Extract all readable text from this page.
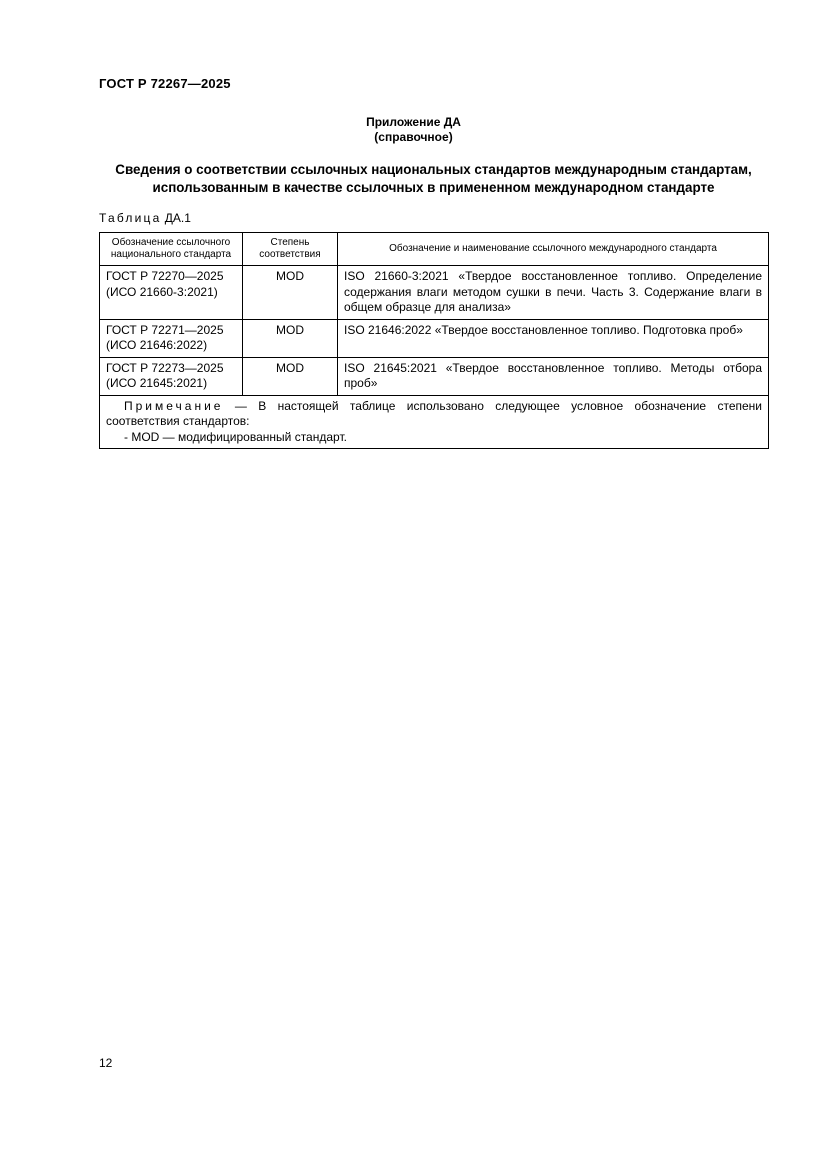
ГОСТ Р 72267—2025
Приложение ДА
(справочное)
Сведения о соответствии ссылочных национальных стандартов международным стандартам,
использованным в качестве ссылочных в примененном международном стандарте
Таблица ДА.1
Обозначение ссылочного национального стандарта	Степень соответствия	Обозначение и наименование ссылочного международного стандарта

ГОСТ Р 72270—2025
(ИСО 21660-3:2021)	MOD	ISO 21660-3:2021 «Твердое восстановленное топливо. Определение содержания влаги методом сушки в печи. Часть 3. Содержание влаги в общем образце для анализа»

ГОСТ Р 72271—2025
(ИСО 21646:2022)	MOD	ISO 21646:2022 «Твердое восстановленное топливо. Подготовка проб»

ГОСТ Р 72273—2025
(ИСО 21645:2021)	MOD	ISO 21645:2021 «Твердое восстановленное топливо. Методы отбора проб»
Примечание — В настоящей таблице использовано следующее условное обозначение степени соответствия стандартов:
- MOD — модифицированный стандарт.		
12
